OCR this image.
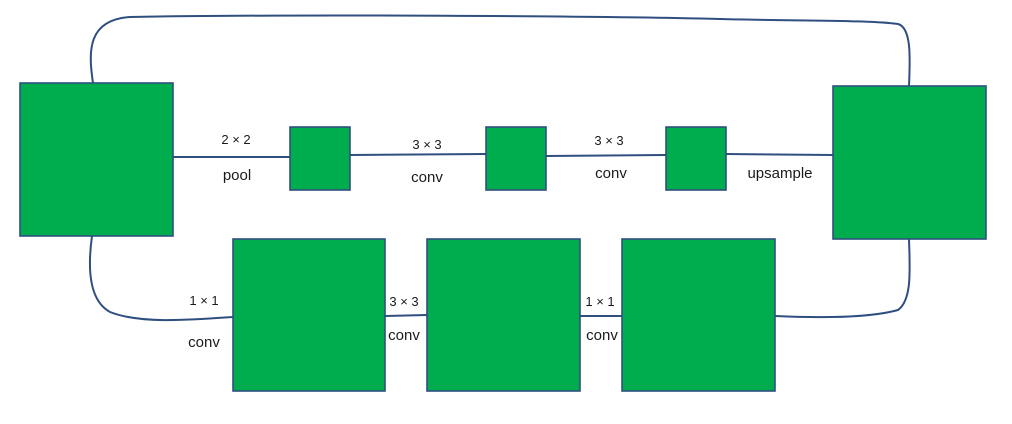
2 × 2
pool
3 × 3
conv
3 × 3
conv	upsample
1 × 1
conv
3 × 3
conv
1 × 1
conv
